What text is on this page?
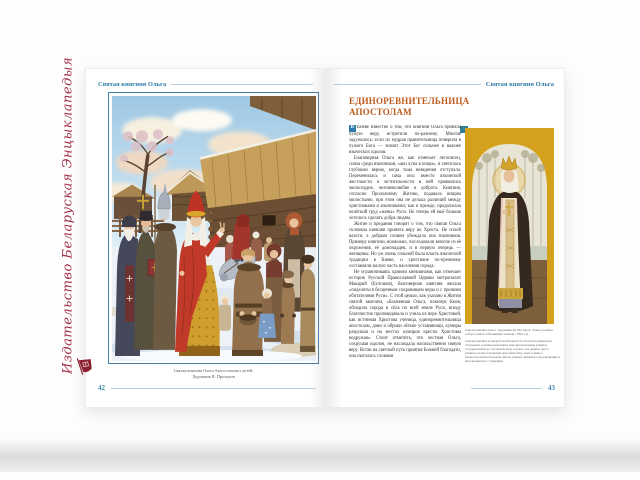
Святая княгиня Ольга
Святая княгиня Ольга благословляет детей.
Художник В. Прохоров
42
Издательство Беларуская Энцыклапедыя	Святая княгиня Ольга
ЕДИНОРЕВНИТЕЛЬНИЦА
АПОСТОЛАМ

В Киеве известие о том, что княгиня Ольга приняла чужую веру, встретили по-разному. Многие задумались: если их мудрая правительница поверила в чужого Бога — значит Этот Бог сильнее и важнее языческих идолов.

Благоверная Ольга же, как отмечает летописец, сияла среди язычников, «аки луна в нощи», и светилась глубокою верою, когда тьма неведения отступала. Переменилась и сама она: вместо языческой жестокости и мстительности в ней проявились милосердие, человеколюбие и доброта. Княгиня, согласно Проложному Житию, подавала нищим милостыню, при этом она не делала различий между христианами и язычниками; как и прежде, продолжала нелёгкий труд «жены» Руси. Но теперь ей ещё больше хотелось сделать добра людям.

Житие и предания говорят о том, что святая Ольга склоняла киевлян принять веру во Христа. Не силой власти, а добрым словом убеждала она язычников. Примеру княгини, возможно, последовали многие из её окружения, её домочадцев, и в первую очередь — женщины. Но уж очень сильной была власть языческой традиции в Киеве, и христиане по-прежнему составляли малую часть населения города.

Не ограничиваясь одними киевлянами, как отмечает историк Русской Православной Церкви митрополит Макарий (Булгаков), благоверная княгиня желала «поделиться бесценным сокровищем веры и с прочими обитателями Руси». С этой целью, как указано в Житии святой княгини, «блаженная Ольга, покинув Киев, обходила города и сёла по всей земле Руси, всюду благочестие проповедовала и учила их вере Христовой, как истинная Христова ученица, единоревнительница апостолам, дани и оброки лёгкие уставляющи, кумиры разрушая и на местах кумиров кресты Христовы водружая». Стоит отметить, что честная Ольга, сокрушая идолов, не насаждала насильственно новую веру. Встав на светлый путь приятия Божией благодати, она пыталась словами

Святая княгиня Ольга. Художник М. Нестеров. Эскиз росписи собора Святого Владимира в Киеве. 1892 год

Святая княгиня на иконах изображается в богатом княжеском облачении, в княжеской шапке или царском венце (символ государственного строительства), в руках она держит крест (символ распространения христианства), храм (символ храмостроительства) или свиток (символ книжного просвещения и миссионерского служения)

43
